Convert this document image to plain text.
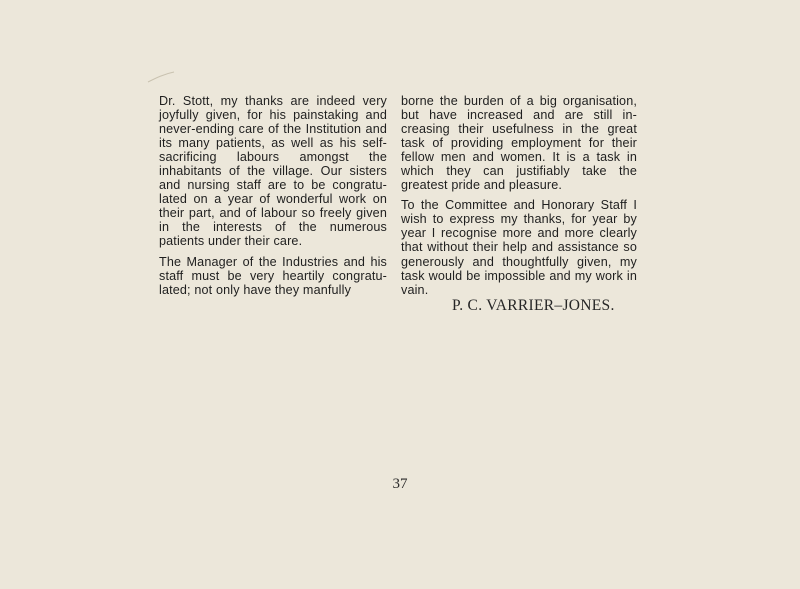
Dr. Stott, my thanks are indeed very joyfully given, for his painstaking and never-ending care of the Institution and its many patients, as well as his self-sacrificing labours amongst the inhabitants of the village. Our sisters and nursing staff are to be congratu-lated on a year of wonderful work on their part, and of labour so freely given in the interests of the numerous patients under their care.

The Manager of the Industries and his staff must be very heartily congratu-lated; not only have they manfully

borne the burden of a big organisation, but have increased and are still in-creasing their usefulness in the great task of providing employment for their fellow men and women. It is a task in which they can justifiably take the greatest pride and pleasure.

To the Committee and Honorary Staff I wish to express my thanks, for year by year I recognise more and more clearly that without their help and assistance so generously and thoughtfully given, my task would be impossible and my work in vain.

P. C. VARRIER–JONES.
37
